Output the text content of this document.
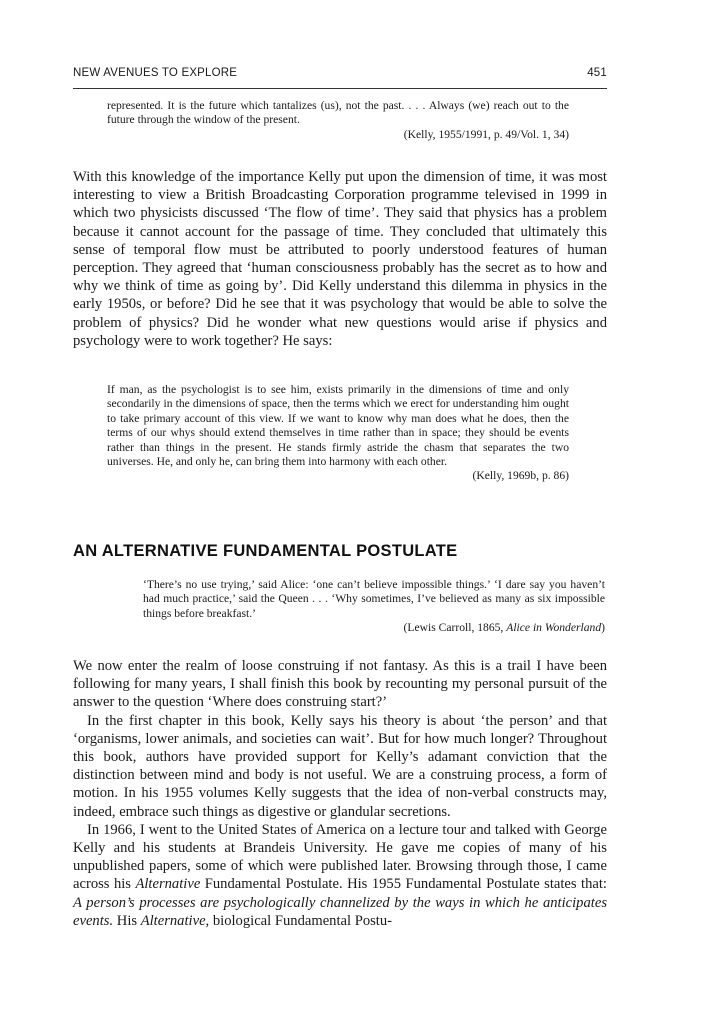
NEW AVENUES TO EXPLORE	451

represented. It is the future which tantalizes (us), not the past. . . . Always (we) reach out to the future through the window of the present.

(Kelly, 1955/1991, p. 49/Vol. 1, 34)

With this knowledge of the importance Kelly put upon the dimension of time, it was most interesting to view a British Broadcasting Corporation programme televised in 1999 in which two physicists discussed ‘The flow of time’. They said that physics has a problem because it cannot account for the passage of time. They concluded that ultimately this sense of temporal flow must be attributed to poorly understood features of human perception. They agreed that ‘human consciousness probably has the secret as to how and why we think of time as going by’. Did Kelly understand this dilemma in physics in the early 1950s, or before? Did he see that it was psychology that would be able to solve the problem of physics? Did he wonder what new questions would arise if physics and psychology were to work together? He says:

If man, as the psychologist is to see him, exists primarily in the dimensions of time and only secondarily in the dimensions of space, then the terms which we erect for understanding him ought to take primary account of this view. If we want to know why man does what he does, then the terms of our whys should extend themselves in time rather than in space; they should be events rather than things in the present. He stands firmly astride the chasm that separates the two universes. He, and only he, can bring them into harmony with each other.

(Kelly, 1969b, p. 86)

AN ALTERNATIVE FUNDAMENTAL POSTULATE

‘There’s no use trying,’ said Alice: ‘one can’t believe impossible things.’ ‘I dare say you haven’t had much practice,’ said the Queen . . . ‘Why sometimes, I’ve believed as many as six impossible things before breakfast.’

(Lewis Carroll, 1865, Alice in Wonderland)

We now enter the realm of loose construing if not fantasy. As this is a trail I have been following for many years, I shall finish this book by recounting my personal pursuit of the answer to the question ‘Where does construing start?’

In the first chapter in this book, Kelly says his theory is about ‘the person’ and that ‘organisms, lower animals, and societies can wait’. But for how much longer? Throughout this book, authors have provided support for Kelly’s adamant conviction that the distinction between mind and body is not useful. We are a construing process, a form of motion. In his 1955 volumes Kelly suggests that the idea of non-verbal constructs may, indeed, embrace such things as digestive or glandular secretions.

In 1966, I went to the United States of America on a lecture tour and talked with George Kelly and his students at Brandeis University. He gave me copies of many of his unpublished papers, some of which were published later. Browsing through those, I came across his Alternative Fundamental Postulate. His 1955 Fundamental Postulate states that: A person’s processes are psychologically channelized by the ways in which he anticipates events. His Alternative, biological Fundamental Postu-
